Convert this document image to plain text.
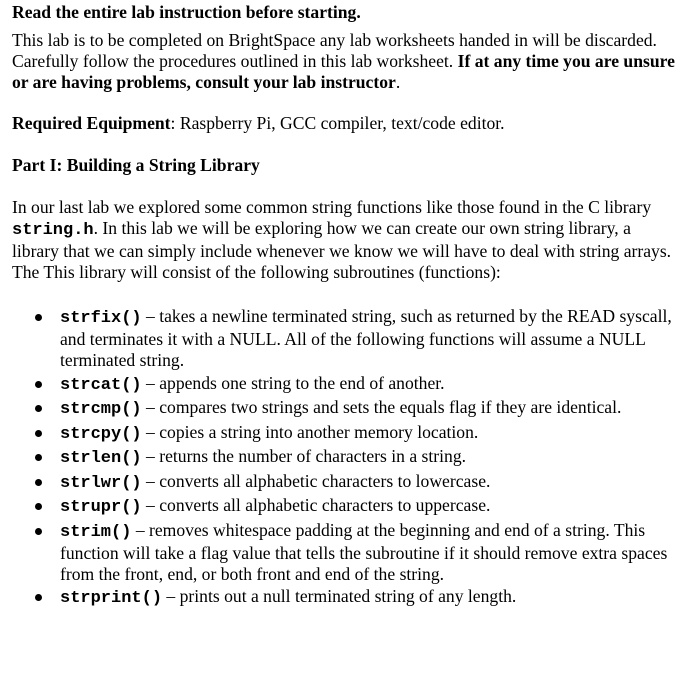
Read the entire lab instruction before starting.

This lab is to be completed on BrightSpace any lab worksheets handed in will be discarded. Carefully follow the procedures outlined in this lab worksheet. If at any time you are unsure or are having problems, consult your lab instructor.

Required Equipment: Raspberry Pi, GCC compiler, text/code editor.

Part I: Building a String Library

In our last lab we explored some common string functions like those found in the C library string.h. In this lab we will be exploring how we can create our own string library, a library that we can simply include whenever we know we will have to deal with string arrays. The This library will consist of the following subroutines (functions):

strfix() – takes a newline terminated string, such as returned by the READ syscall, and terminates it with a NULL. All of the following functions will assume a NULL terminated string.
strcat() – appends one string to the end of another.
strcmp() – compares two strings and sets the equals flag if they are identical.
strcpy() – copies a string into another memory location.
strlen() – returns the number of characters in a string.
strlwr() – converts all alphabetic characters to lowercase.
strupr() – converts all alphabetic characters to uppercase.
strim() – removes whitespace padding at the beginning and end of a string. This function will take a flag value that tells the subroutine if it should remove extra spaces from the front, end, or both front and end of the string.
strprint() – prints out a null terminated string of any length.
